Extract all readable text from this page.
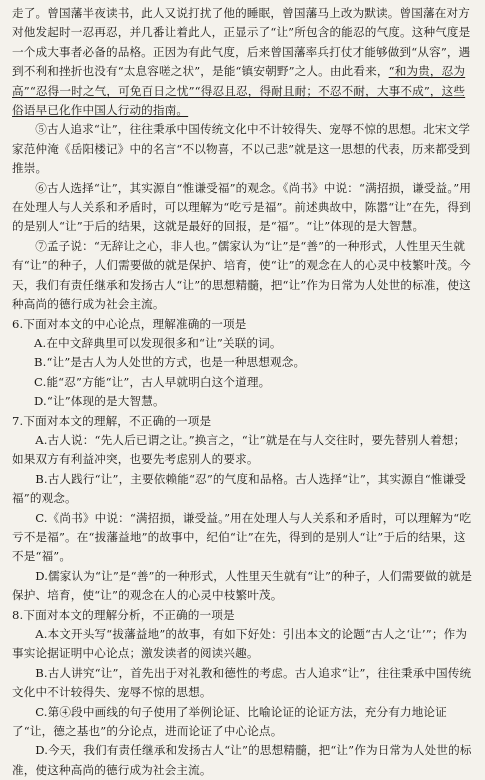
走了。曾国藩半夜读书，此人又说打扰了他的睡眠，曾国藩马上改为默读。曾国藩在对方对他发起时一忍再忍，并几番让着此人，正显示了“让”所包含的能忍的气度。这种气度是一个成大事者必备的品格。正因为有此气度，后来曾国藩率兵打仗才能够做到“从容”，遇到不利和挫折也没有“太息容嗟之状”，是能“镇安朝野”之人。由此看来，“和为贵，忍为高”“忍得一时之气，可免百日之忧”“得忍且忍，得耐且耐；不忍不耐，大事不成”，这些俗语早已化作中国人行动的指南。

⑤古人追求“让”，往往秉承中国传统文化中不计较得失、宠辱不惊的思想。北宋文学家范仲淹《岳阳楼记》中的名言“不以物喜，不以己悲”就是这一思想的代表，历来都受到推崇。

⑥古人选择“让”，其实源自“惟谦受福”的观念。《尚书》中说：“满招损，谦受益。”用在处理人与人关系和矛盾时，可以理解为“吃亏是福”。前述典故中，陈嚣“让”在先，得到的是别人“让”于后的结果，这就是最好的回报，是“福”。“让”体现的是大智慧。

⑦孟子说：“无辞让之心，非人也。”儒家认为“让”是“善”的一种形式，人性里天生就有“让”的种子，人们需要做的就是保护、培育，使“让”的观念在人的心灵中枝繁叶茂。今天，我们有责任继承和发扬古人“让”的思想精髓，把“让”作为日常为人处世的标准，使这种高尚的德行成为社会主流。

6.下面对本文的中心论点，理解准确的一项是

A.在中文辞典里可以发现很多和“让”关联的词。

B.“让”是古人为人处世的方式，也是一种思想观念。

C.能“忍”方能“让”，古人早就明白这个道理。

D.“让”体现的是大智慧。

7.下面对本文的理解，不正确的一项是

A.古人说：“先人后已谓之让。”换言之，“让”就是在与人交往时，要先替别人着想；如果双方有利益冲突，也要先考虑别人的要求。

B.古人践行“让”，主要依赖能“忍”的气度和品格。古人选择“让”，其实源自“惟谦受福”的观念。

C.《尚书》中说：“满招损，谦受益。”用在处理人与人关系和矛盾时，可以理解为“吃亏不是福”。在“拔藩益地”的故事中，纪伯“让”在先，得到的是别人“让”于后的结果，这不是“福”。

D.儒家认为“让”是“善”的一种形式，人性里天生就有“让”的种子，人们需要做的就是保护、培育，使“让”的观念在人的心灵中枝繁叶茂。

8.下面对本文的理解分析，不正确的一项是

A.本文开头写“拔藩益地”的故事，有如下好处：引出本文的论题“古人之‘让’”；作为事实论据证明中心论点；激发读者的阅读兴趣。

B.古人讲究“让”，首先出于对礼教和德性的考虑。古人追求“让”，往往秉承中国传统文化中不计较得失、宠辱不惊的思想。

C.第④段中画线的句子使用了举例论证、比喻论证的论证方法，充分有力地论证了“让，德之基也”的分论点，进而论证了中心论点。

D.今天，我们有责任继承和发扬古人“让”的思想精髓，把“让”作为日常为人处世的标准，使这种高尚的德行成为社会主流。
